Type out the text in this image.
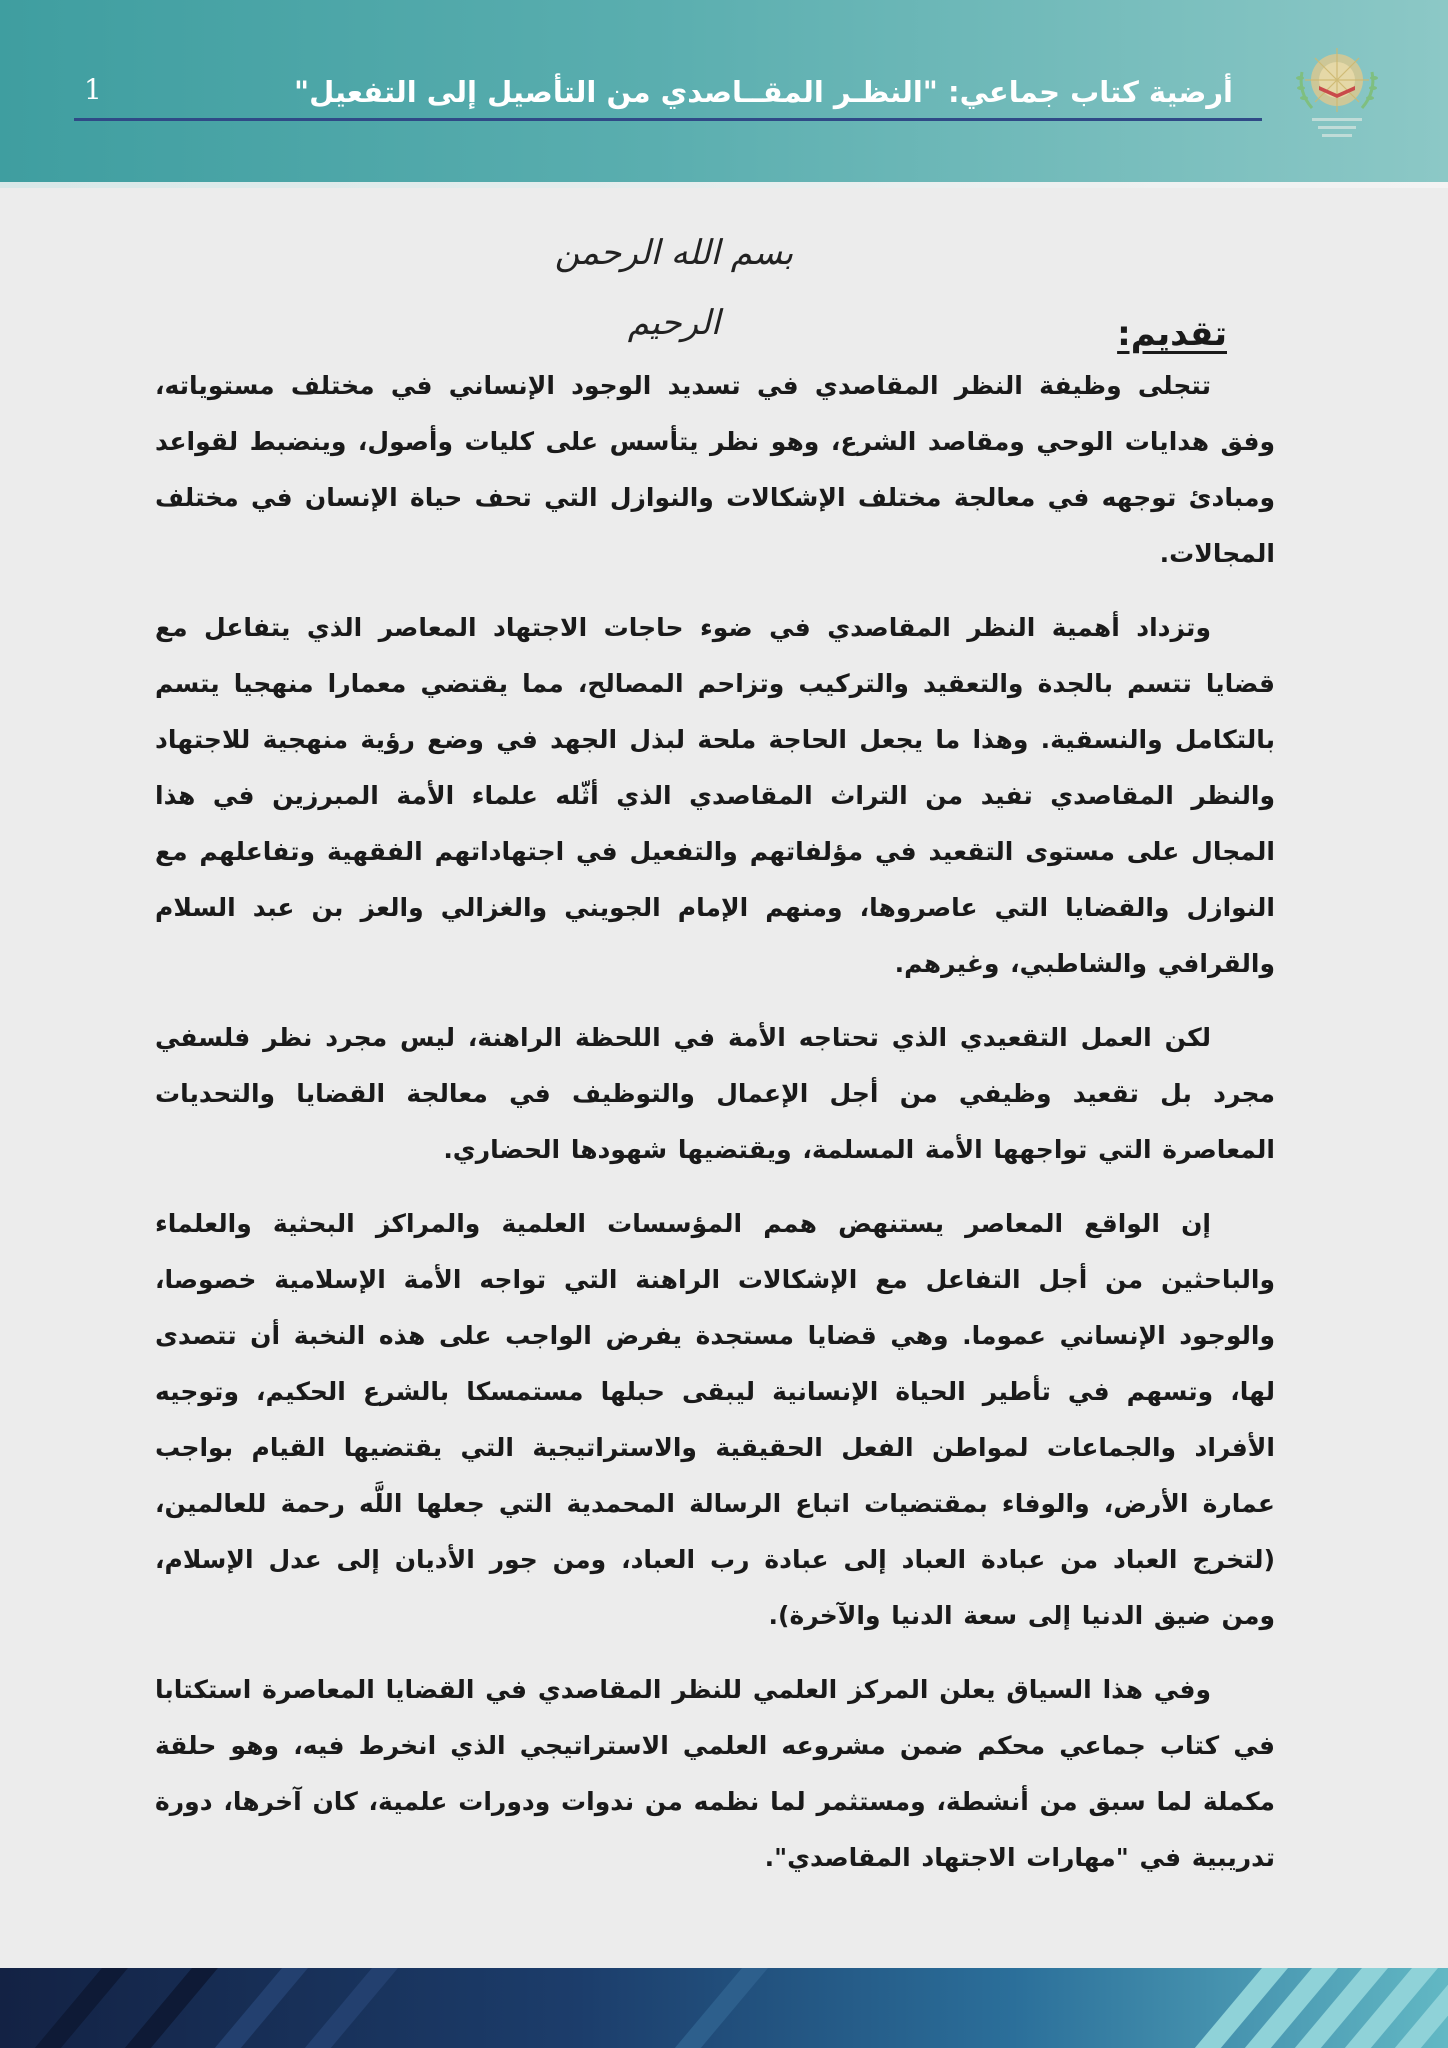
أرضية كتاب جماعي: "النظـر المقــاصدي من التأصيل إلى التفعيل"
1
بسم الله الرحمن الرحيم	تقديم:

تتجلى وظيفة النظر المقاصدي في تسديد الوجود الإنساني في مختلف مستوياته، وفق هدايات الوحي ومقاصد الشرع، وهو نظر يتأسس على كليات وأصول، وينضبط لقواعد ومبادئ توجهه في معالجة مختلف الإشكالات والنوازل التي تحف حياة الإنسان في مختلف المجالات.

وتزداد أهمية النظر المقاصدي في ضوء حاجات الاجتهاد المعاصر الذي يتفاعل مع قضايا تتسم بالجدة والتعقيد والتركيب وتزاحم المصالح، مما يقتضي معمارا منهجيا يتسم بالتكامل والنسقية. وهذا ما يجعل الحاجة ملحة لبذل الجهد في وضع رؤية منهجية للاجتهاد والنظر المقاصدي تفيد من التراث المقاصدي الذي أثّله علماء الأمة المبرزين في هذا المجال على مستوى التقعيد في مؤلفاتهم والتفعيل في اجتهاداتهم الفقهية وتفاعلهم مع النوازل والقضايا التي عاصروها، ومنهم الإمام الجويني والغزالي والعز بن عبد السلام والقرافي والشاطبي، وغيرهم.

لكن العمل التقعيدي الذي تحتاجه الأمة في اللحظة الراهنة، ليس مجرد نظر فلسفي مجرد بل تقعيد وظيفي من أجل الإعمال والتوظيف في معالجة القضايا والتحديات المعاصرة التي تواجهها الأمة المسلمة، ويقتضيها شهودها الحضاري.

إن الواقع المعاصر يستنهض همم المؤسسات العلمية والمراكز البحثية والعلماء والباحثين من أجل التفاعل مع الإشكالات الراهنة التي تواجه الأمة الإسلامية خصوصا، والوجود الإنساني عموما. وهي قضايا مستجدة يفرض الواجب على هذه النخبة أن تتصدى لها، وتسهم في تأطير الحياة الإنسانية ليبقى حبلها مستمسكا بالشرع الحكيم، وتوجيه الأفراد والجماعات لمواطن الفعل الحقيقية والاستراتيجية التي يقتضيها القيام بواجب عمارة الأرض، والوفاء بمقتضيات اتباع الرسالة المحمدية التي جعلها اللَّه رحمة للعالمين، (لتخرج العباد من عبادة العباد إلى عبادة رب العباد، ومن جور الأديان إلى عدل الإسلام، ومن ضيق الدنيا إلى سعة الدنيا والآخرة).

وفي هذا السياق يعلن المركز العلمي للنظر المقاصدي في القضايا المعاصرة استكتابا في كتاب جماعي محكم ضمن مشروعه العلمي الاستراتيجي الذي انخرط فيه، وهو حلقة مكملة لما سبق من أنشطة، ومستثمر لما نظمه من ندوات ودورات علمية، كان آخرها، دورة تدريبية في "مهارات الاجتهاد المقاصدي".
